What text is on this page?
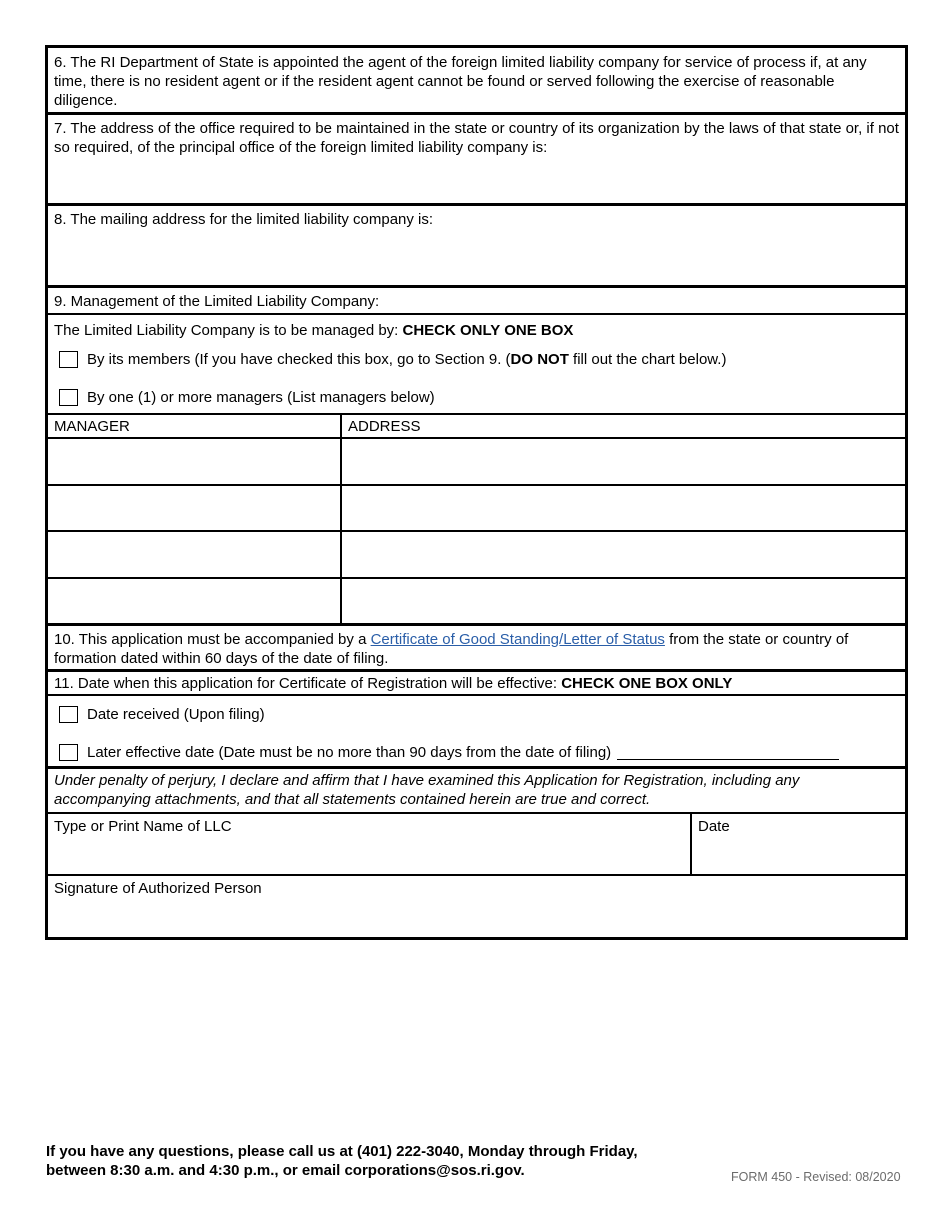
6. The RI Department of State is appointed the agent of the foreign limited liability company for service of process if, at any time, there is no resident agent or if the resident agent cannot be found or served following the exercise of reasonable diligence.
7. The address of the office required to be maintained in the state or country of its organization by the laws of that state or, if not so required, of the principal office of the foreign limited liability company is:
8. The mailing address for the limited liability company is:
9. Management of the Limited Liability Company:
The Limited Liability Company is to be managed by: CHECK ONLY ONE BOX
By its members (If you have checked this box, go to Section 9. (DO NOT fill out the chart below.)
By one (1) or more managers (List managers below)
MANAGER	ADDRESS
10. This application must be accompanied by a Certificate of Good Standing/Letter of Status from the state or country of formation dated within 60 days of the date of filing.
11. Date when this application for Certificate of Registration will be effective: CHECK ONE BOX ONLY
Date received (Upon filing)
Later effective date (Date must be no more than 90 days from the date of filing)
Under penalty of perjury, I declare and affirm that I have examined this Application for Registration, including any accompanying attachments, and that all statements contained herein are true and correct.
Type or Print Name of LLC	Date
Signature of Authorized Person
If you have any questions, please call us at (401) 222-3040, Monday through Friday, between 8:30 a.m. and 4:30 p.m., or email corporations@sos.ri.gov.	FORM 450 - Revised: 08/2020
